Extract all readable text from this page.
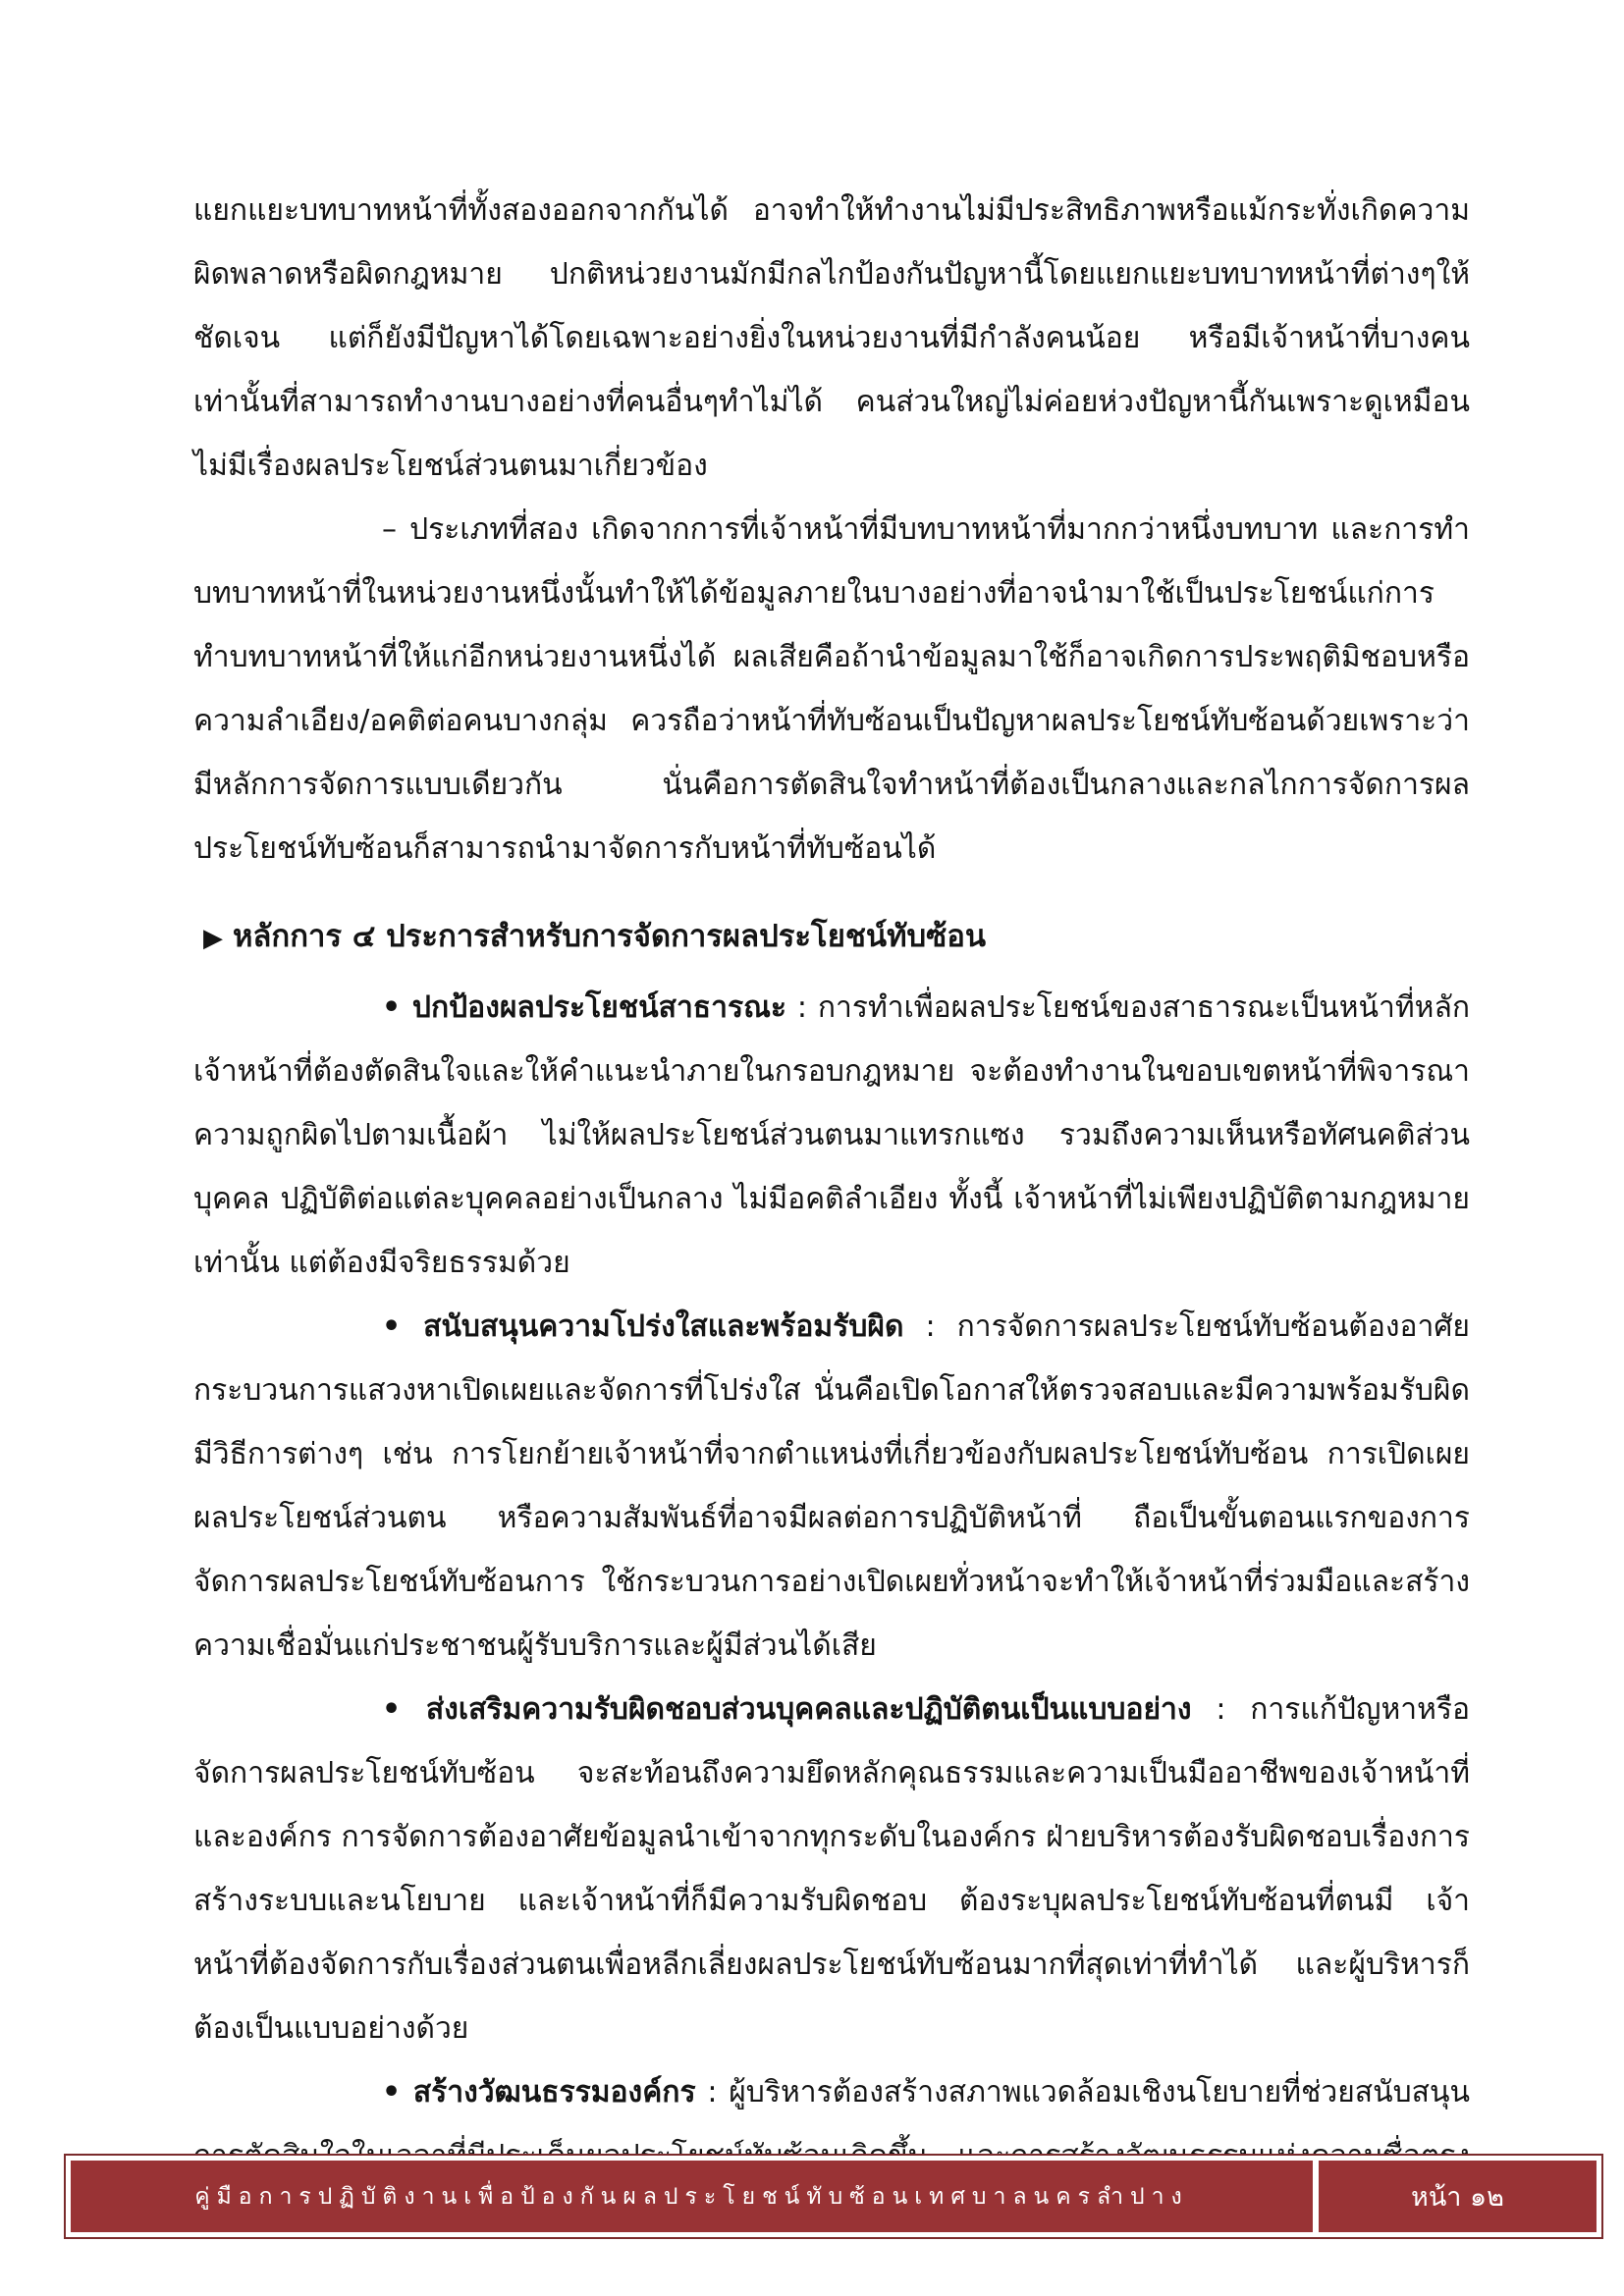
แยกแยะบทบาทหน้าที่ทั้งสองออกจากกันได้ อาจทำให้ทำงานไม่มีประสิทธิภาพหรือแม้กระทั่งเกิดความผิดพลาดหรือผิดกฎหมาย ปกติหน่วยงานมักมีกลไกป้องกันปัญหานี้โดยแยกแยะบทบาทหน้าที่ต่างๆให้ชัดเจน แต่ก็ยังมีปัญหาได้โดยเฉพาะอย่างยิ่งในหน่วยงานที่มีกำลังคนน้อย หรือมีเจ้าหน้าที่บางคนเท่านั้นที่สามารถทำงานบางอย่างที่คนอื่นๆทำไม่ได้ คนส่วนใหญ่ไม่ค่อยห่วงปัญหานี้กันเพราะดูเหมือนไม่มีเรื่องผลประโยชน์ส่วนตนมาเกี่ยวข้อง

– ประเภทที่สอง เกิดจากการที่เจ้าหน้าที่มีบทบาทหน้าที่มากกว่าหนึ่งบทบาท และการทำบทบาทหน้าที่ในหน่วยงานหนึ่งนั้นทำให้ได้ข้อมูลภายในบางอย่างที่อาจนำมาใช้เป็นประโยชน์แก่การทำบทบาทหน้าที่ให้แก่อีกหน่วยงานหนึ่งได้ ผลเสียคือถ้านำข้อมูลมาใช้ก็อาจเกิดการประพฤติมิชอบหรือความลำเอียง/อคติต่อคนบางกลุ่ม ควรถือว่าหน้าที่ทับซ้อนเป็นปัญหาผลประโยชน์ทับซ้อนด้วยเพราะว่ามีหลักการจัดการแบบเดียวกัน นั่นคือการตัดสินใจทำหน้าที่ต้องเป็นกลางและกลไกการจัดการผลประโยชน์ทับซ้อนก็สามารถนำมาจัดการกับหน้าที่ทับซ้อนได้

▶ หลักการ ๔ ประการสำหรับการจัดการผลประโยชน์ทับซ้อน

• ปกป้องผลประโยชน์สาธารณะ : การทำเพื่อผลประโยชน์ของสาธารณะเป็นหน้าที่หลักเจ้าหน้าที่ต้องตัดสินใจและให้คำแนะนำภายในกรอบกฎหมาย จะต้องทำงานในขอบเขตหน้าที่พิจารณาความถูกผิดไปตามเนื้อผ้า ไม่ให้ผลประโยชน์ส่วนตนมาแทรกแซง รวมถึงความเห็นหรือทัศนคติส่วนบุคคล ปฏิบัติต่อแต่ละบุคคลอย่างเป็นกลาง ไม่มีอคติลำเอียง ทั้งนี้ เจ้าหน้าที่ไม่เพียงปฏิบัติตามกฎหมายเท่านั้น แต่ต้องมีจริยธรรมด้วย

• สนับสนุนความโปร่งใสและพร้อมรับผิด : การจัดการผลประโยชน์ทับซ้อนต้องอาศัยกระบวนการแสวงหาเปิดเผยและจัดการที่โปร่งใส นั่นคือเปิดโอกาสให้ตรวจสอบและมีความพร้อมรับผิด มีวิธีการต่างๆ เช่น การโยกย้ายเจ้าหน้าที่จากตำแหน่งที่เกี่ยวข้องกับผลประโยชน์ทับซ้อน การเปิดเผยผลประโยชน์ส่วนตน หรือความสัมพันธ์ที่อาจมีผลต่อการปฏิบัติหน้าที่ ถือเป็นขั้นตอนแรกของการจัดการผลประโยชน์ทับซ้อนการ ใช้กระบวนการอย่างเปิดเผยทั่วหน้าจะทำให้เจ้าหน้าที่ร่วมมือและสร้างความเชื่อมั่นแก่ประชาชนผู้รับบริการและผู้มีส่วนได้เสีย

• ส่งเสริมความรับผิดชอบส่วนบุคคลและปฏิบัติตนเป็นแบบอย่าง : การแก้ปัญหาหรือจัดการผลประโยชน์ทับซ้อน จะสะท้อนถึงความยึดหลักคุณธรรมและความเป็นมืออาชีพของเจ้าหน้าที่และองค์กร การจัดการต้องอาศัยข้อมูลนำเข้าจากทุกระดับในองค์กร ฝ่ายบริหารต้องรับผิดชอบเรื่องการสร้างระบบและนโยบาย และเจ้าหน้าที่ก็มีความรับผิดชอบ ต้องระบุผลประโยชน์ทับซ้อนที่ตนมี เจ้าหน้าที่ต้องจัดการกับเรื่องส่วนตนเพื่อหลีกเลี่ยงผลประโยชน์ทับซ้อนมากที่สุดเท่าที่ทำได้ และผู้บริหารก็ต้องเป็นแบบอย่างด้วย

• สร้างวัฒนธรรมองค์กร : ผู้บริหารต้องสร้างสภาพแวดล้อมเชิงนโยบายที่ช่วยสนับสนุน

คู่มือการปฏิบัติงานเพื่อป้องกันผลประโยชน์ทับซ้อนเทศบาลนครลำปาง	หน้า ๑๒
